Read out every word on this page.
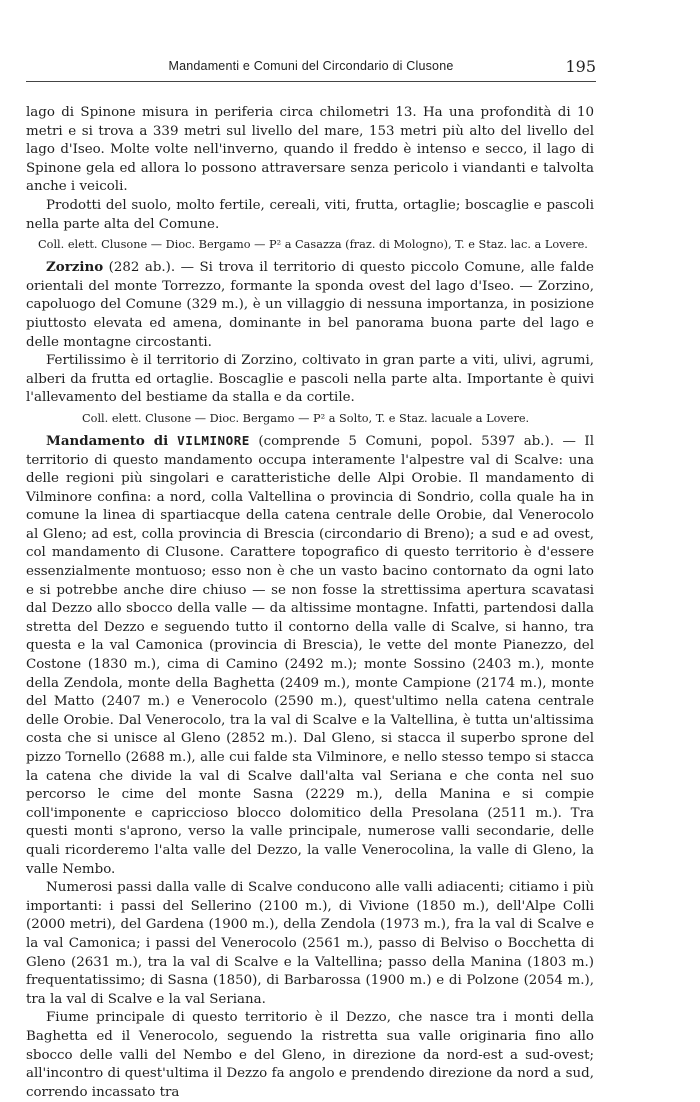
Mandamenti e Comuni del Circondario di Clusone	195

lago di Spinone misura in periferia circa chilometri 13. Ha una profondità di 10 metri e si trova a 339 metri sul livello del mare, 153 metri più alto del livello del lago d'Iseo. Molte volte nell'inverno, quando il freddo è intenso e secco, il lago di Spinone gela ed allora lo possono attraversare senza pericolo i viandanti e talvolta anche i veicoli.

Prodotti del suolo, molto fertile, cereali, viti, frutta, ortaglie; boscaglie e pascoli nella parte alta del Comune.

Coll. elett. Clusone — Dioc. Bergamo — P² a Casazza (fraz. di Mologno), T. e Staz. lac. a Lovere.

Zorzino (282 ab.). — Si trova il territorio di questo piccolo Comune, alle falde orientali del monte Torrezzo, formante la sponda ovest del lago d'Iseo. — Zorzino, capoluogo del Comune (329 m.), è un villaggio di nessuna importanza, in posizione piuttosto elevata ed amena, dominante in bel panorama buona parte del lago e delle montagne circostanti.

Fertilissimo è il territorio di Zorzino, coltivato in gran parte a viti, ulivi, agrumi, alberi da frutta ed ortaglie. Boscaglie e pascoli nella parte alta. Importante è quivi l'allevamento del bestiame da stalla e da cortile.

Coll. elett. Clusone — Dioc. Bergamo — P² a Solto, T. e Staz. lacuale a Lovere.

Mandamento di VILMINORE (comprende 5 Comuni, popol. 5397 ab.). — Il territorio di questo mandamento occupa interamente l'alpestre val di Scalve: una delle regioni più singolari e caratteristiche delle Alpi Orobie. Il mandamento di Vilminore confina: a nord, colla Valtellina o provincia di Sondrio, colla quale ha in comune la linea di spartiacque della catena centrale delle Orobie, dal Venerocolo al Gleno; ad est, colla provincia di Brescia (circondario di Breno); a sud e ad ovest, col mandamento di Clusone. Carattere topografico di questo territorio è d'essere essenzialmente montuoso; esso non è che un vasto bacino contornato da ogni lato e si potrebbe anche dire chiuso — se non fosse la strettissima apertura scavatasi dal Dezzo allo sbocco della valle — da altissime montagne. Infatti, partendosi dalla stretta del Dezzo e seguendo tutto il contorno della valle di Scalve, si hanno, tra questa e la val Camonica (provincia di Brescia), le vette del monte Pianezzo, del Costone (1830 m.), cima di Camino (2492 m.); monte Sossino (2403 m.), monte della Zendola, monte della Baghetta (2409 m.), monte Campione (2174 m.), monte del Matto (2407 m.) e Venerocolo (2590 m.), quest'ultimo nella catena centrale delle Orobie. Dal Venerocolo, tra la val di Scalve e la Valtellina, è tutta un'altissima costa che si unisce al Gleno (2852 m.). Dal Gleno, si stacca il superbo sprone del pizzo Tornello (2688 m.), alle cui falde sta Vilminore, e nello stesso tempo si stacca la catena che divide la val di Scalve dall'alta val Seriana e che conta nel suo percorso le cime del monte Sasna (2229 m.), della Manina e si compie coll'imponente e capriccioso blocco dolomitico della Presolana (2511 m.). Tra questi monti s'aprono, verso la valle principale, numerose valli secondarie, delle quali ricorderemo l'alta valle del Dezzo, la valle Venerocolina, la valle di Gleno, la valle Nembo.

Numerosi passi dalla valle di Scalve conducono alle valli adiacenti; citiamo i più importanti: i passi del Sellerino (2100 m.), di Vivione (1850 m.), dell'Alpe Colli (2000 metri), del Gardena (1900 m.), della Zendola (1973 m.), fra la val di Scalve e la val Camonica; i passi del Venerocolo (2561 m.), passo di Belviso o Bocchetta di Gleno (2631 m.), tra la val di Scalve e la Valtellina; passo della Manina (1803 m.) frequentatissimo; di Sasna (1850), di Barbarossa (1900 m.) e di Polzone (2054 m.), tra la val di Scalve e la val Seriana.

Fiume principale di questo territorio è il Dezzo, che nasce tra i monti della Baghetta ed il Venerocolo, seguendo la ristretta sua valle originaria fino allo sbocco delle valli del Nembo e del Gleno, in direzione da nord-est a sud-ovest; all'incontro di quest'ultima il Dezzo fa angolo e prendendo direzione da nord a sud, correndo incassato tra
